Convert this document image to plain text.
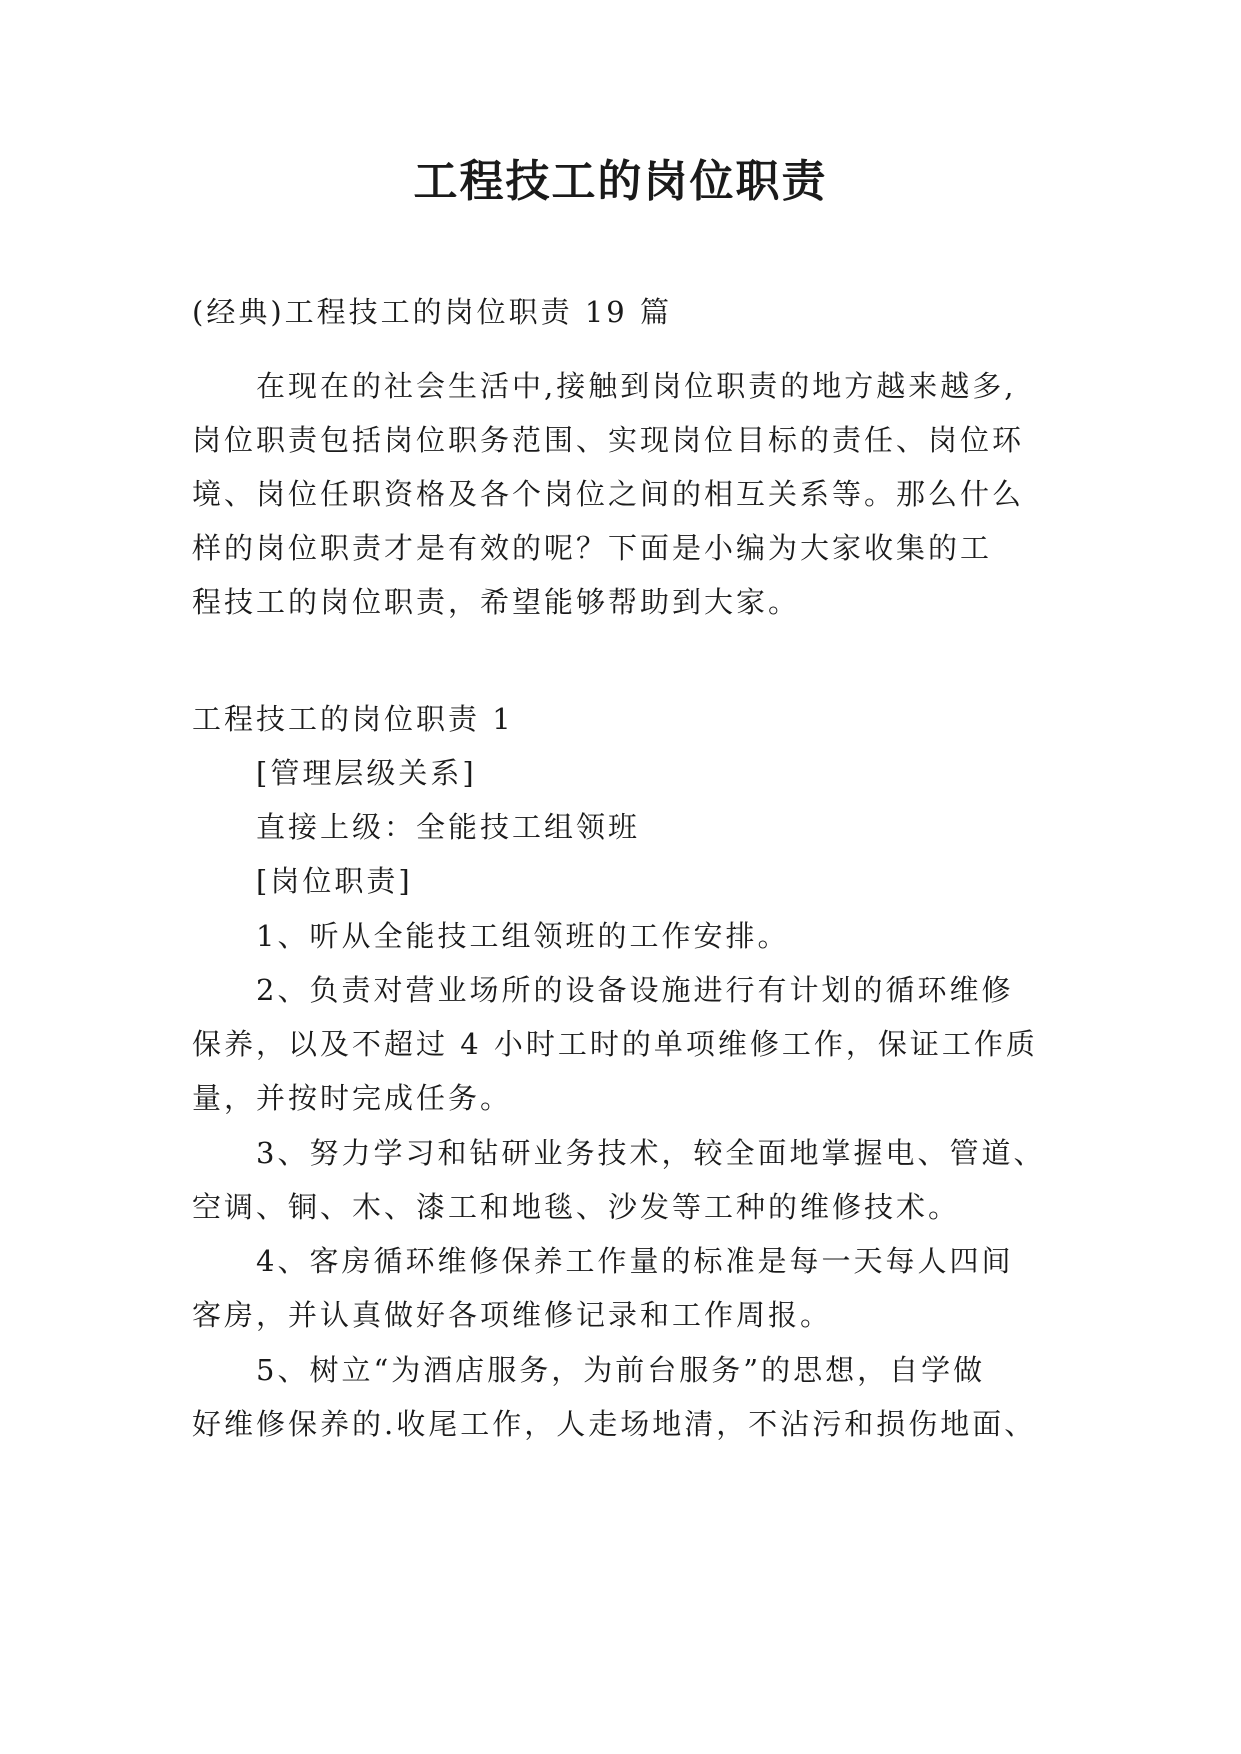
工程技工的岗位职责
(经典)工程技工的岗位职责 19 篇
在现在的社会生活中,接触到岗位职责的地方越来越多,
岗位职责包括岗位职务范围、实现岗位目标的责任、岗位环
境、岗位任职资格及各个岗位之间的相互关系等。那么什么
样的岗位职责才是有效的呢？下面是小编为大家收集的工
程技工的岗位职责，希望能够帮助到大家。
工程技工的岗位职责 1
[管理层级关系]
直接上级：全能技工组领班
[岗位职责]
1、听从全能技工组领班的工作安排。
2、负责对营业场所的设备设施进行有计划的循环维修
保养，以及不超过 4 小时工时的单项维修工作，保证工作质
量，并按时完成任务。
3、努力学习和钻研业务技术，较全面地掌握电、管道、
空调、铜、木、漆工和地毯、沙发等工种的维修技术。
4、客房循环维修保养工作量的标准是每一天每人四间
客房，并认真做好各项维修记录和工作周报。
5、树立“为酒店服务，为前台服务”的思想，自学做
好维修保养的.收尾工作，人走场地清，不沾污和损伤地面、
